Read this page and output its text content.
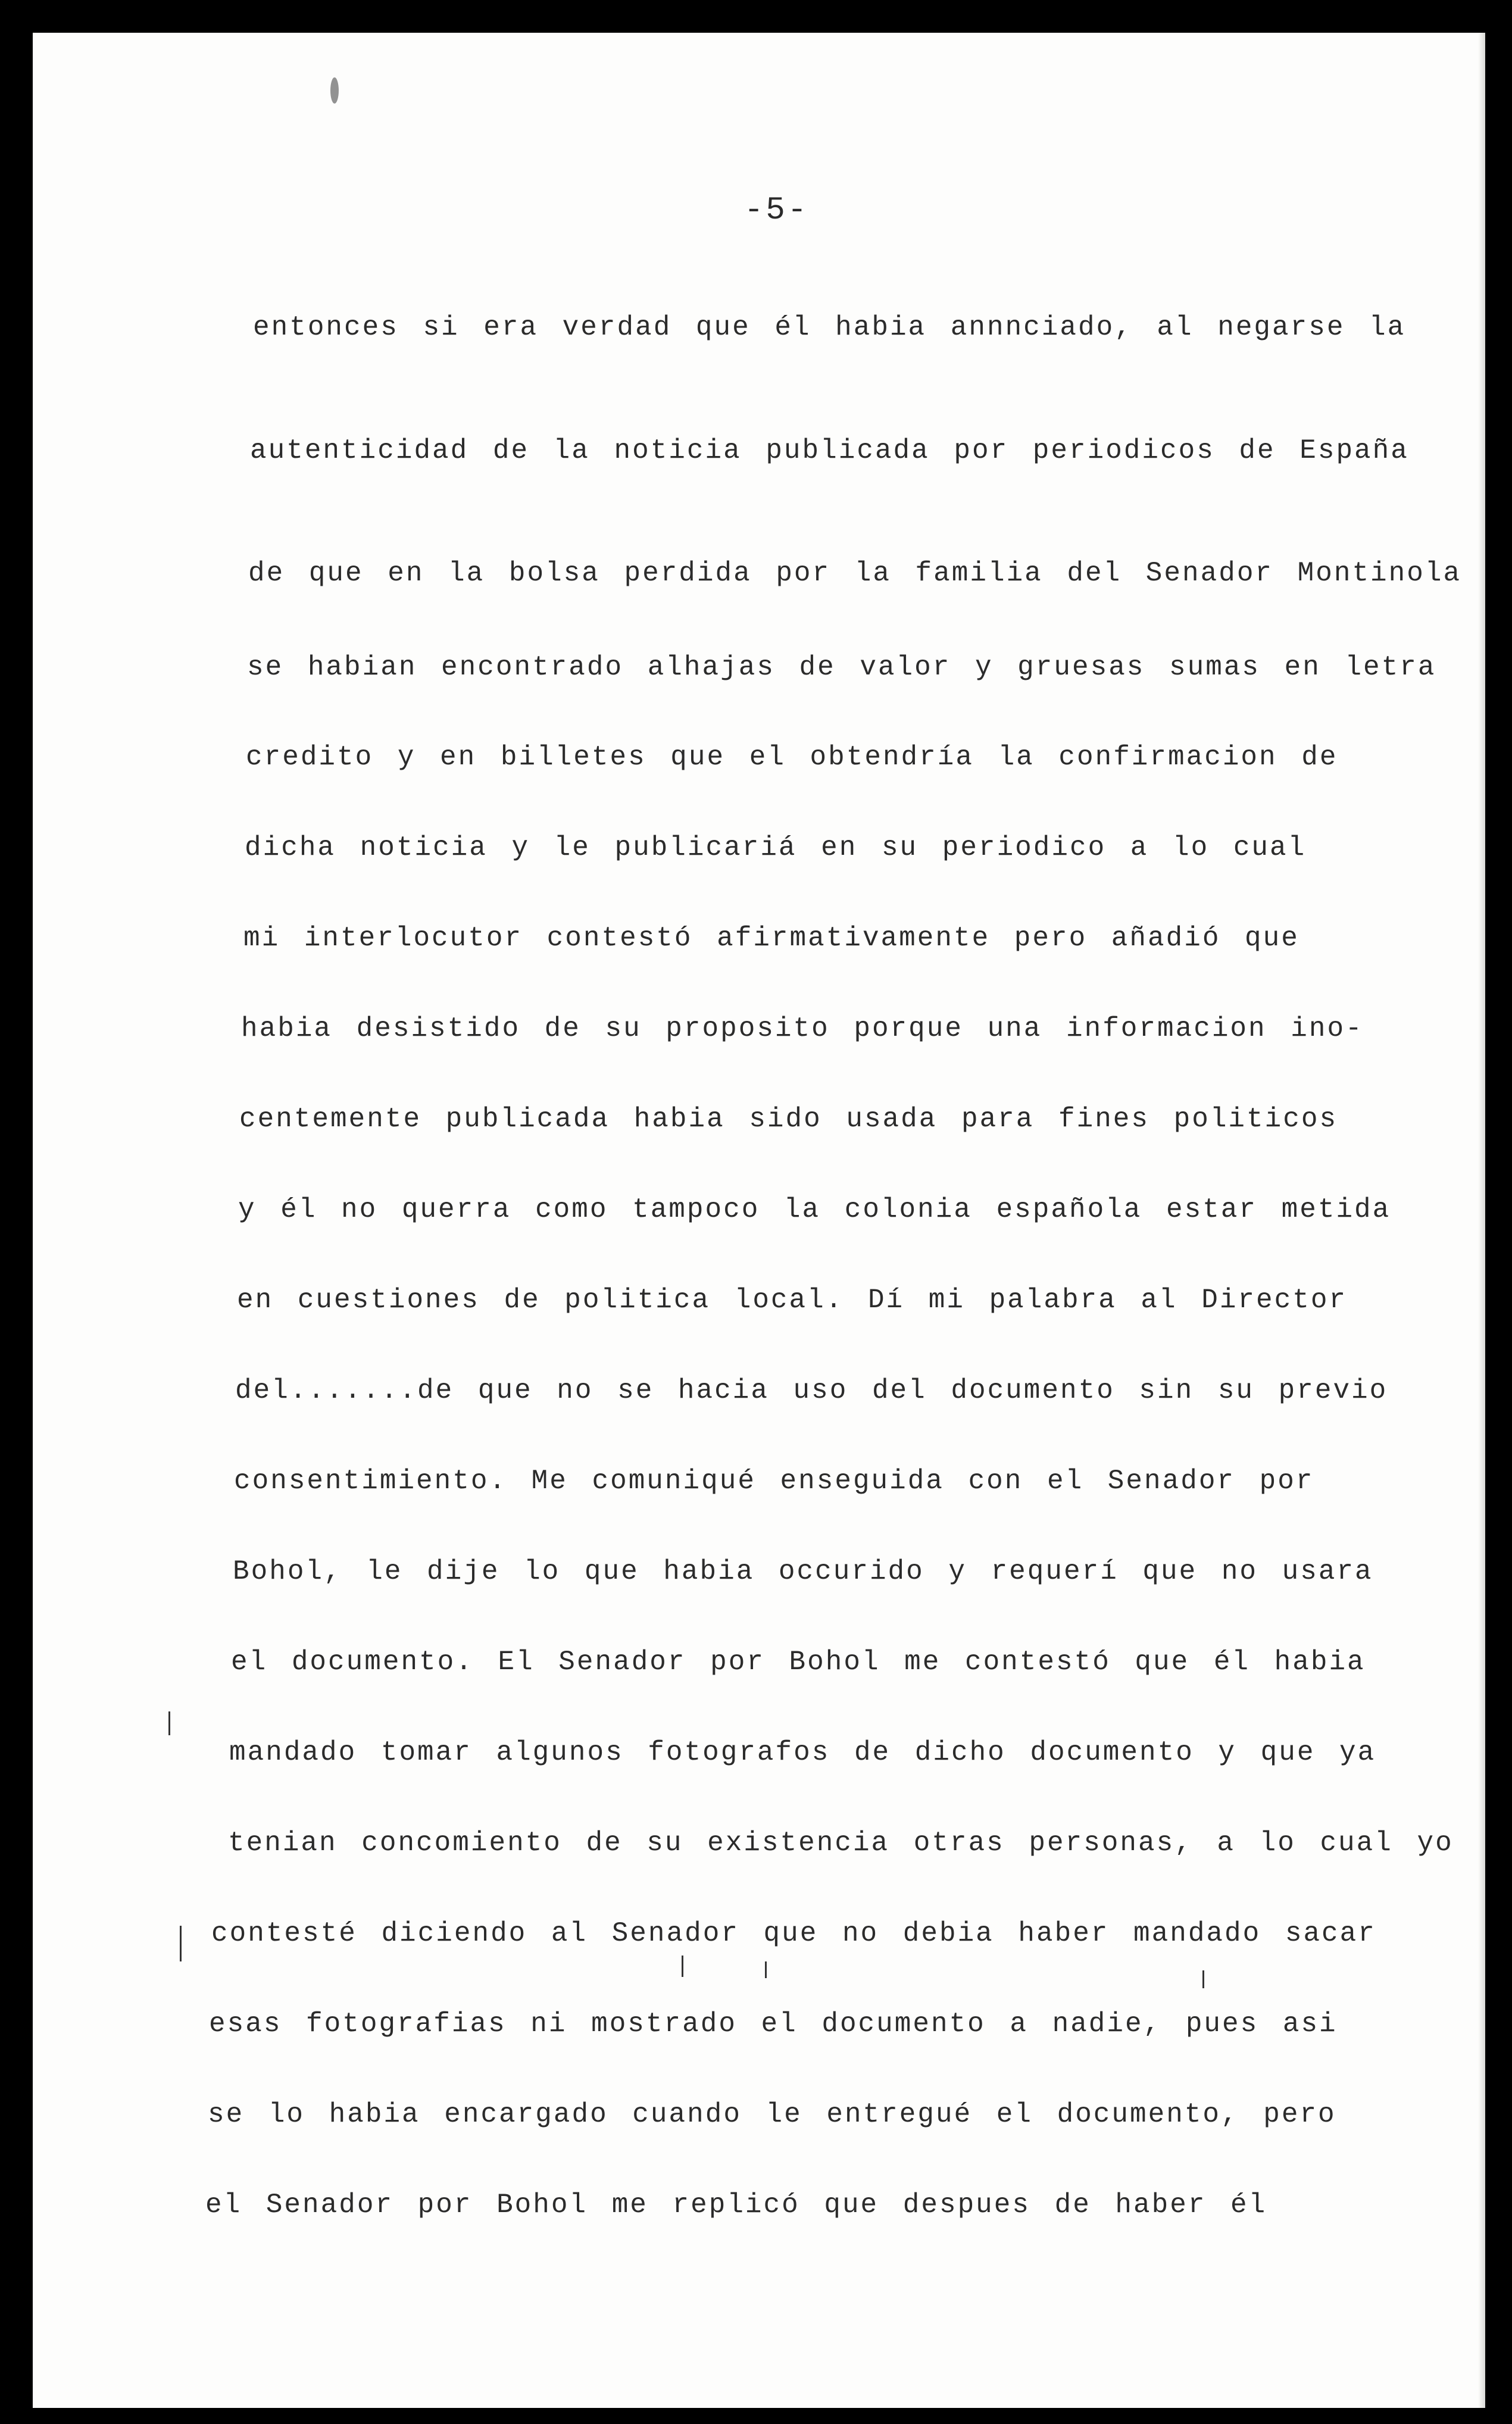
-5-
entonces si era verdad que él habia annnciado, al negarse la
autenticidad de la noticia publicada por periodicos de España
de que en la bolsa perdida por la familia del Senador Montinola
se habian encontrado alhajas de valor y gruesas sumas en letra
credito y en billetes que el obtendría la confirmacion de
dicha noticia y le publicariá en su periodico a lo cual
mi interlocutor contestó afirmativamente pero añadió que
habia desistido de su proposito porque una informacion ino-
centemente publicada habia sido usada para fines politicos
y él no querra como tampoco la colonia española estar metida
en cuestiones de politica local. Dí mi palabra al Director
del.......de que no se hacia uso del documento sin su previo
consentimiento. Me comuniqué enseguida con el Senador por
Bohol, le dije lo que habia occurido y requerí que no usara
el documento. El Senador por Bohol me contestó que él habia
mandado tomar algunos fotografos de dicho documento y que ya
tenian concomiento de su existencia otras personas, a lo cual yo
contesté diciendo al Senador que no debia haber mandado sacar
esas fotografias ni mostrado el documento a nadie, pues asi
se lo habia encargado cuando le entregué el documento, pero
el Senador por Bohol me replicó que despues de haber él
